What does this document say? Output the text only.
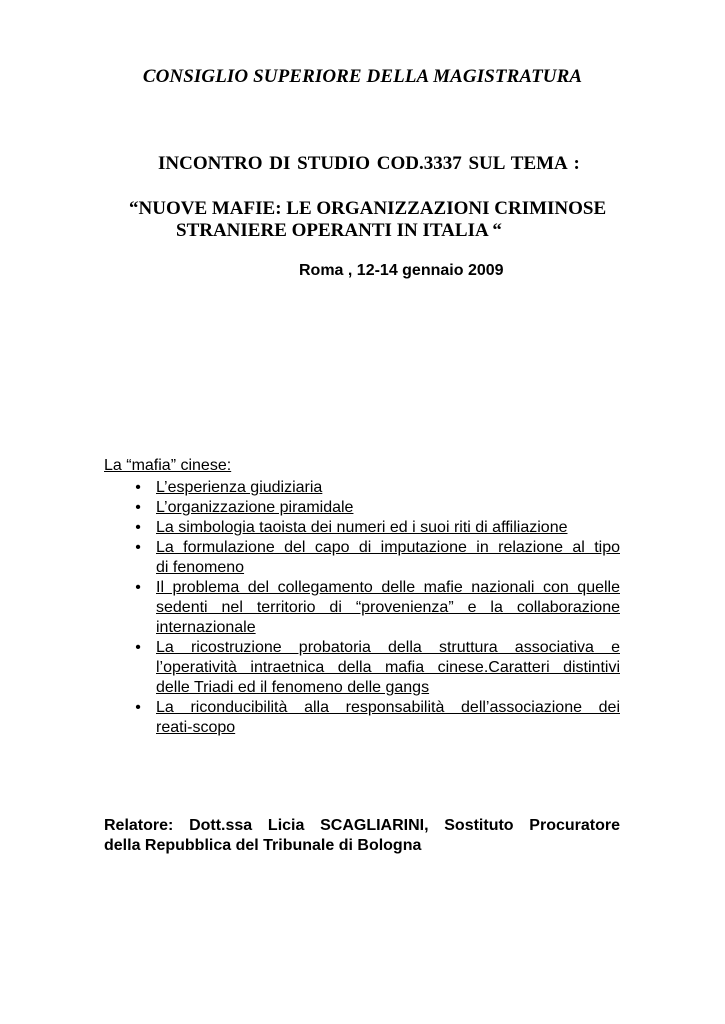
CONSIGLIO SUPERIORE DELLA MAGISTRATURA
INCONTRO DI STUDIO COD.3337 SUL TEMA :
“NUOVE MAFIE: LE ORGANIZZAZIONI CRIMINOSE
STRANIERE OPERANTI IN ITALIA “
Roma , 12-14 gennaio 2009
La “mafia” cinese:
• L’esperienza giudiziaria
• L’organizzazione piramidale
• La simbologia taoista dei numeri ed i suoi riti di affiliazione
• La formulazione del capo di imputazione in relazione al tipo
di fenomeno
• Il problema del collegamento delle mafie nazionali con quelle
sedenti nel territorio di “provenienza” e la collaborazione
internazionale
• La ricostruzione probatoria della struttura associativa e
l’operatività intraetnica della mafia cinese.Caratteri distintivi
delle Triadi ed il fenomeno delle gangs
• La riconducibilità alla responsabilità dell’associazione dei
reati-scopo
Relatore: Dott.ssa Licia SCAGLIARINI, Sostituto Procuratore
della Repubblica del Tribunale di Bologna
